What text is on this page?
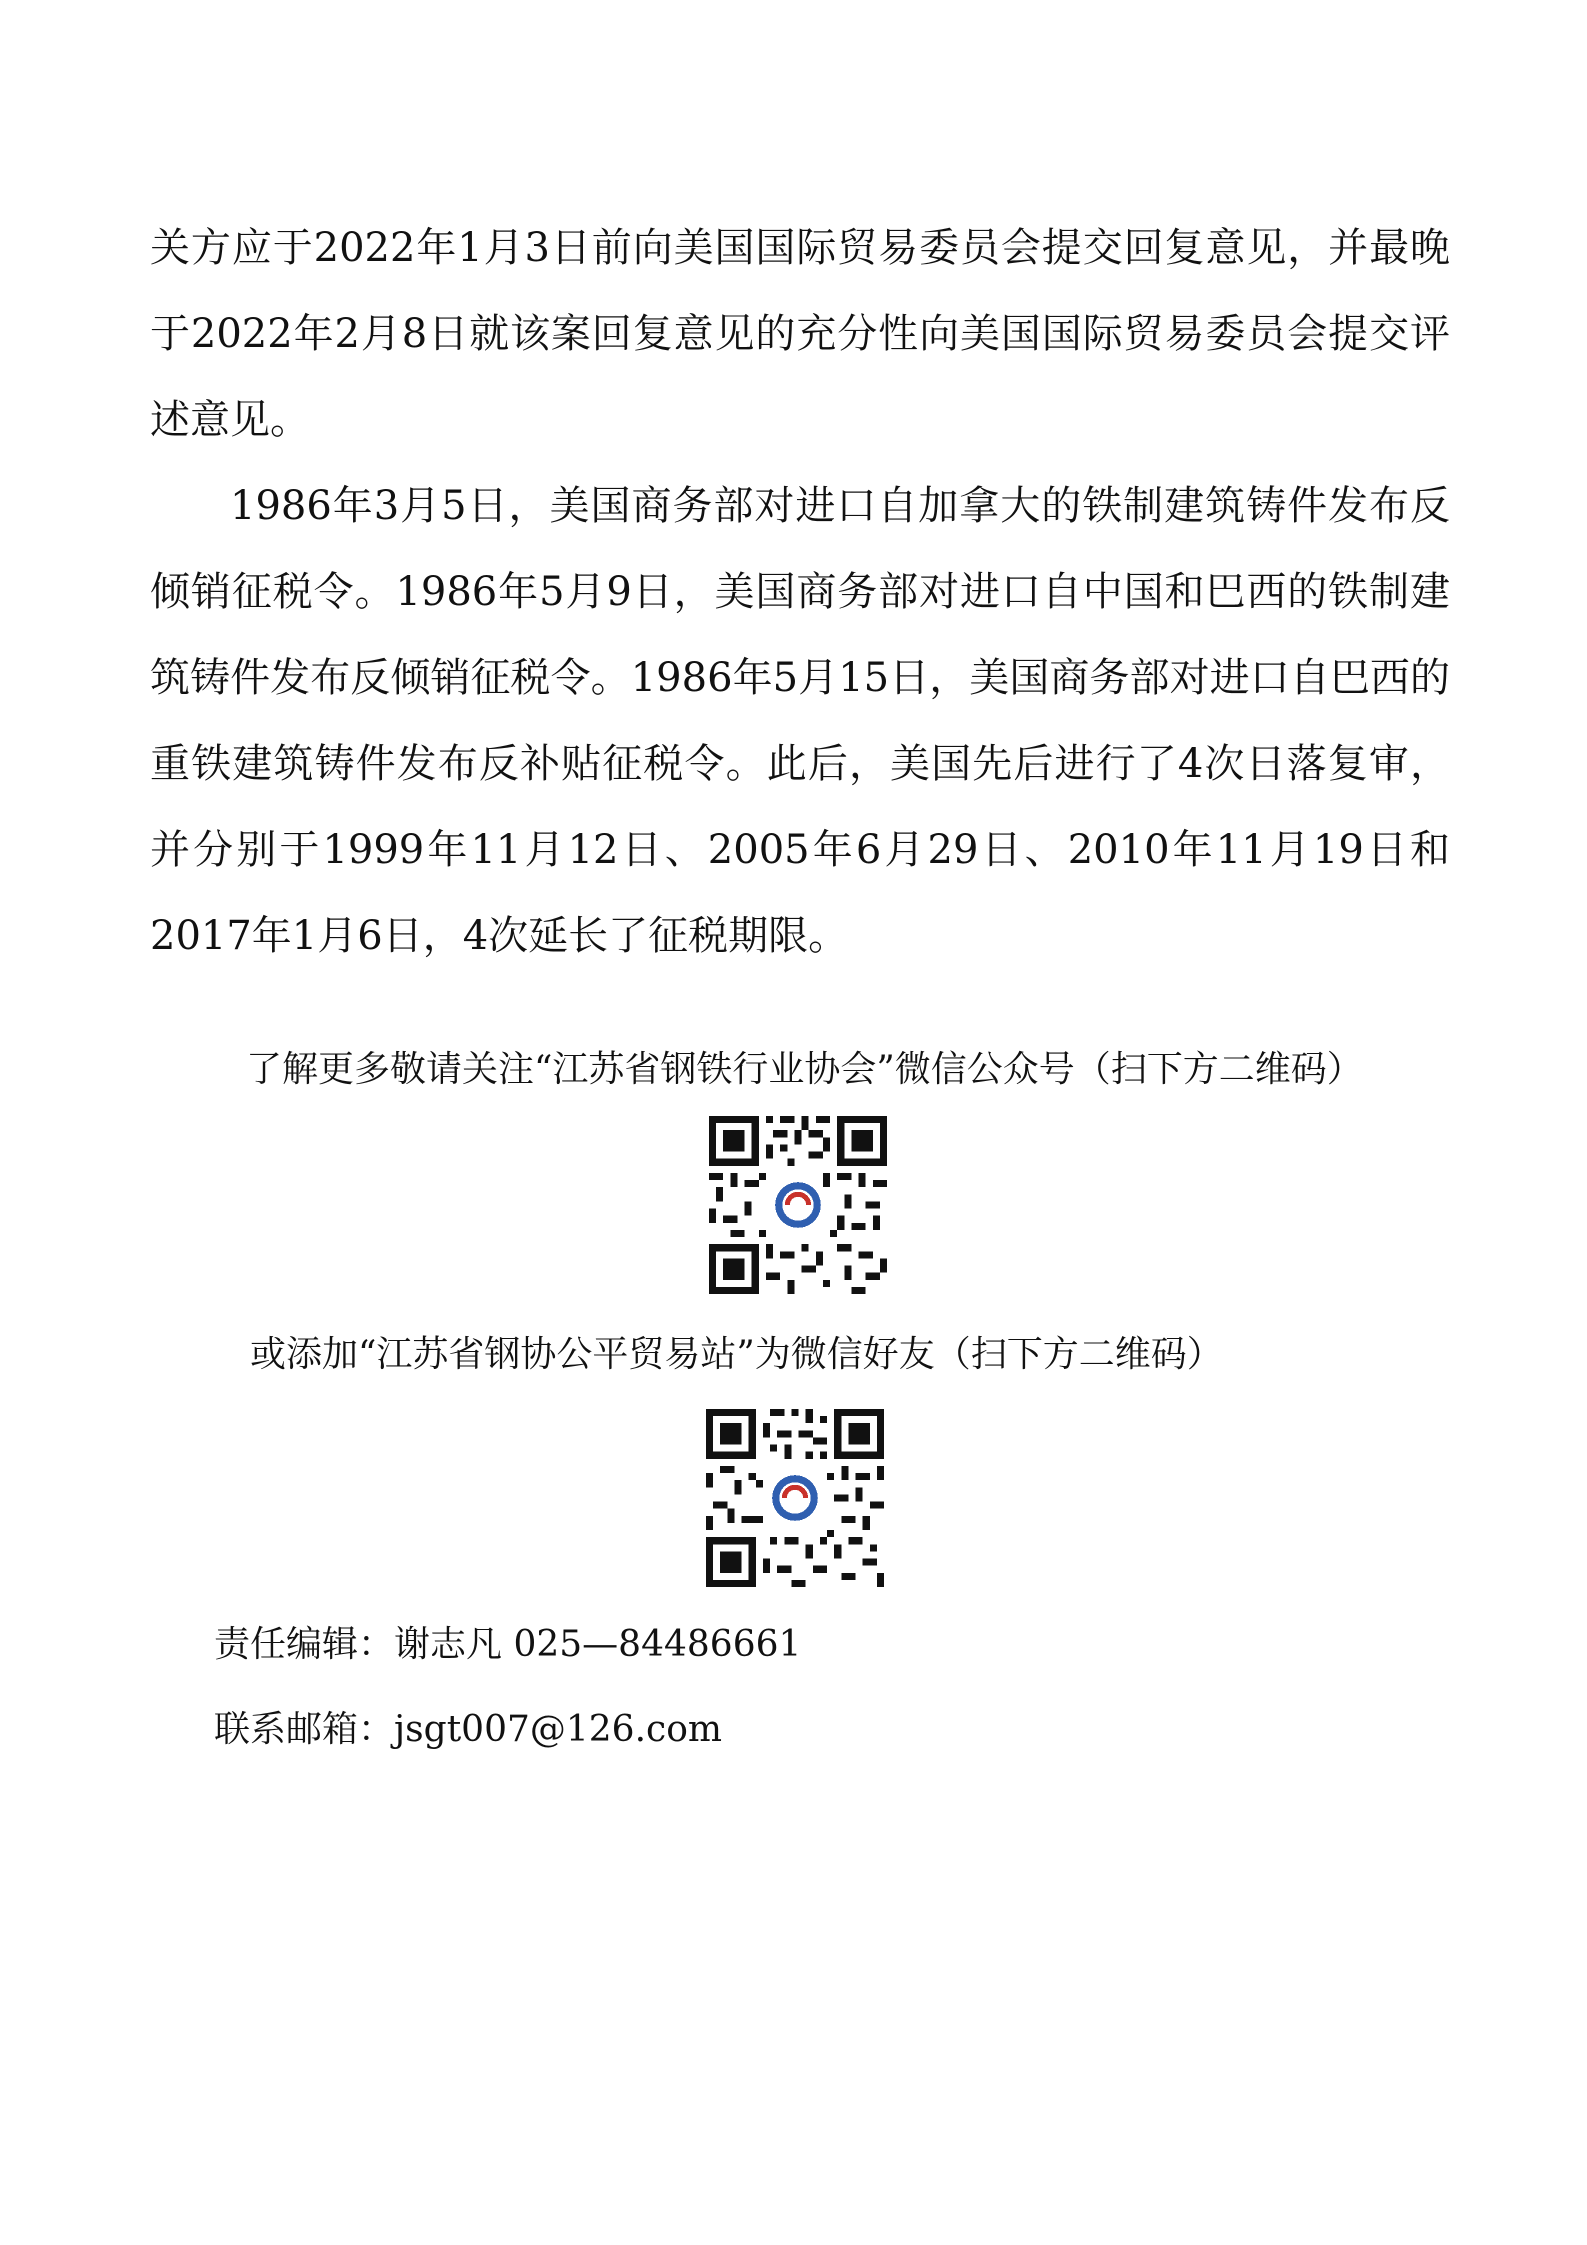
关方应于2022年1月3日前向美国国际贸易委员会提交回复意见，并最晚于2022年2月8日就该案回复意见的充分性向美国国际贸易委员会提交评述意见。

1986年3月5日，美国商务部对进口自加拿大的铁制建筑铸件发布反倾销征税令。1986年5月9日，美国商务部对进口自中国和巴西的铁制建筑铸件发布反倾销征税令。1986年5月15日，美国商务部对进口自巴西的重铁建筑铸件发布反补贴征税令。此后，美国先后进行了4次日落复审，并分别于1999年11月12日、2005年6月29日、2010年11月19日和2017年1月6日，4次延长了征税期限。

了解更多敬请关注“江苏省钢铁行业协会”微信公众号（扫下方二维码）
或添加“江苏省钢协公平贸易站”为微信好友（扫下方二维码）
责任编辑：谢志凡 025—84486661
联系邮箱：jsgt007@126.com
